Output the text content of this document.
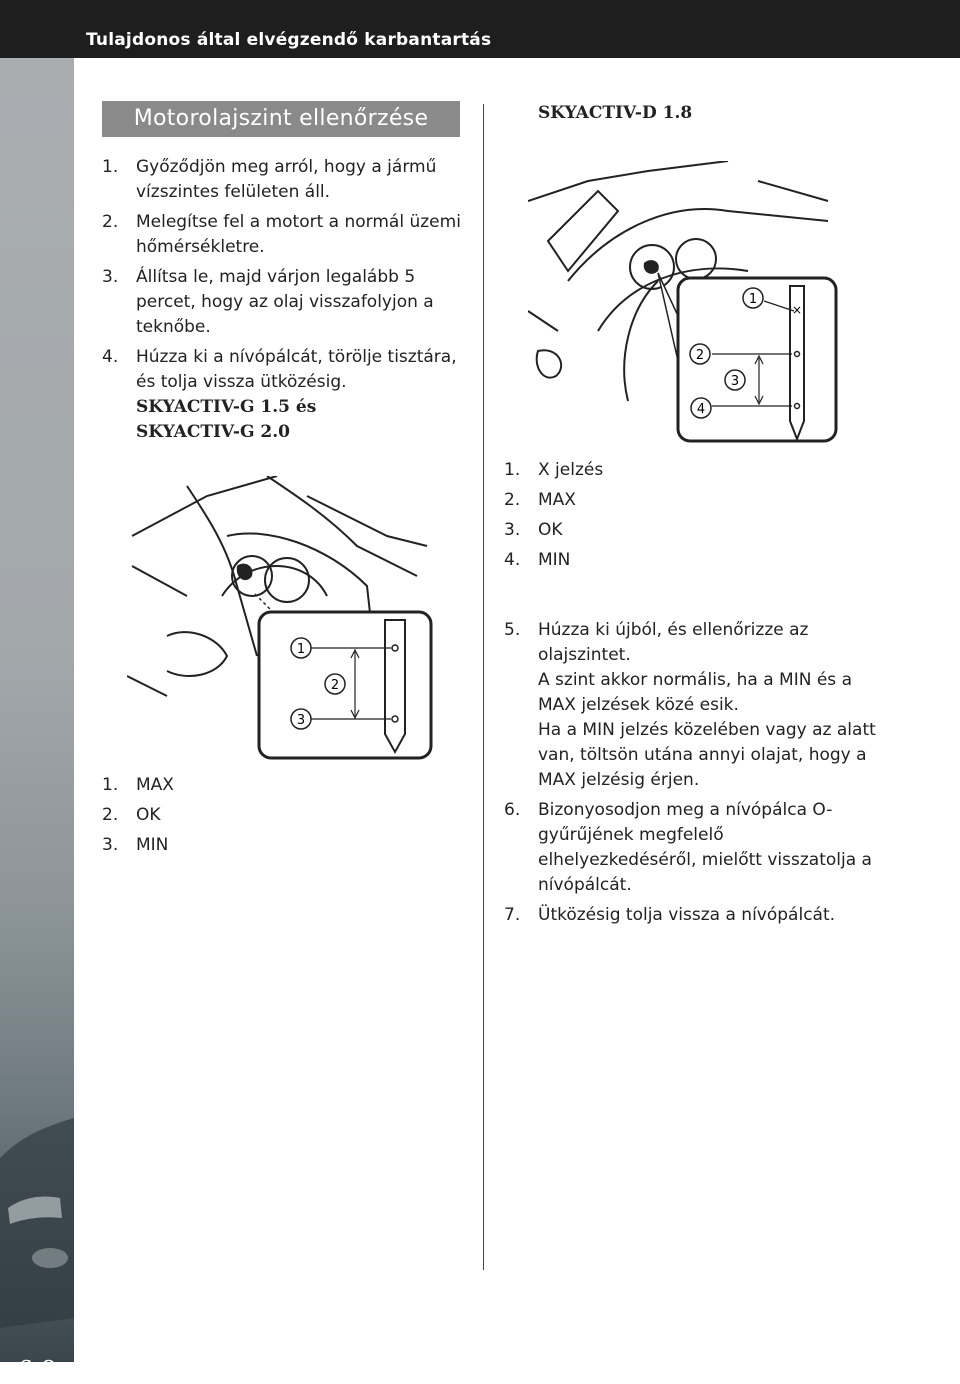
Tulajdonos által elvégzendő karbantartás
6-8
Motorolajszint ellenőrzése
1. Győződjön meg arról, hogy a jármű vízszintes felületen áll.
2. Melegítse fel a motort a normál üzemi hőmérsékletre.
3. Állítsa le, majd várjon legalább 5 percet, hogy az olaj visszafolyjon a teknőbe.
4. Húzza ki a nívópálcát, törölje tisztára, és tolja vissza ütközésig.
SKYACTIV-G 1.5 és
SKYACTIV-G 2.0
1
2
3
1. MAX
2. OK
3. MIN
SKYACTIV-D 1.8
×
1
2
3
4
1. X jelzés
2. MAX
3. OK
4. MIN
5. Húzza ki újból, és ellenőrizze az olajszintet.
A szint akkor normális, ha a MIN és a MAX jelzések közé esik.
Ha a MIN jelzés közelében vagy az alatt van, töltsön utána annyi olajat, hogy a MAX jelzésig érjen.
6. Bizonyosodjon meg a nívópálca O-gyűrűjének megfelelő elhelyezkedéséről, mielőtt visszatolja a nívópálcát.
7. Ütközésig tolja vissza a nívópálcát.
